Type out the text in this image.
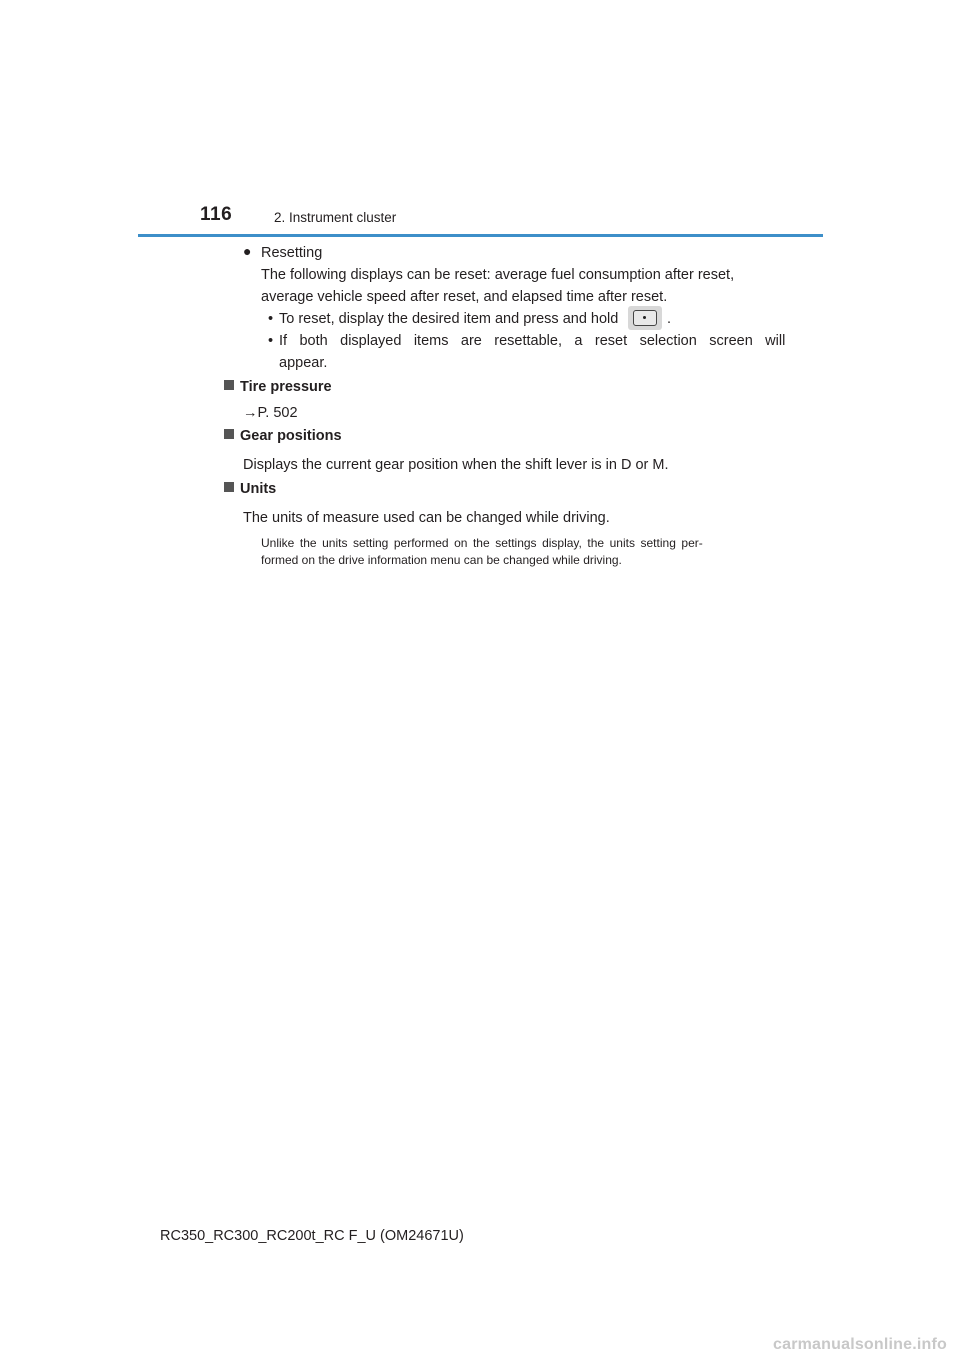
116	2. Instrument cluster
● Resetting
The following displays can be reset: average fuel consumption after reset,
average vehicle speed after reset, and elapsed time after reset.
• To reset, display the desired item and press and hold	.
• If both displayed items are resettable, a reset selection screen will
appear.
Tire pressure
→P. 502
Gear positions
Displays the current gear position when the shift lever is in D or M.
Units
The units of measure used can be changed while driving.
Unlike the units setting performed on the settings display, the units setting per-
formed on the drive information menu can be changed while driving.
RC350_RC300_RC200t_RC F_U (OM24671U)
carmanualsonline.info
